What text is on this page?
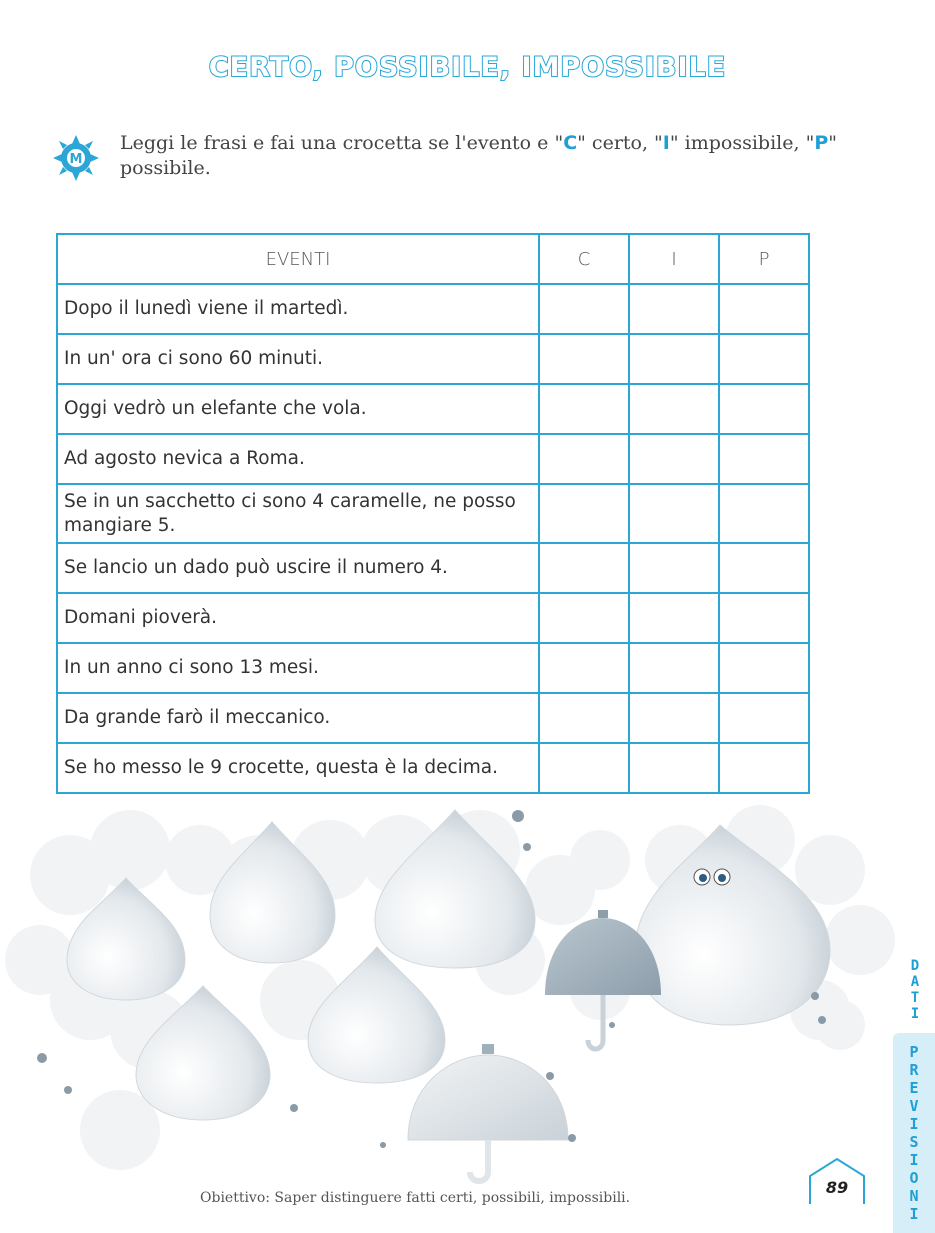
CERTO, POSSIBILE, IMPOSSIBILE
M
Leggi le frasi e fai una crocetta se l'evento e "C" certo, "I" impossibile, "P" possibile.
EVENTI	C	I	P
Dopo il lunedì viene il martedì.			
In un' ora ci sono 60 minuti.			
Oggi vedrò un elefante che vola.			
Ad agosto nevica a Roma.			
Se in un sacchetto ci sono 4 caramelle, ne posso mangiare 5.			
Se lancio un dado può uscire il numero 4.			
Domani pioverà.			
In un anno ci sono 13 mesi.			
Da grande farò il meccanico.			
Se ho messo le 9 crocette, questa è la decima.			
Obiettivo: Saper distinguere fatti certi, possibili, impossibili.
89
DATI
PREVISIONI
